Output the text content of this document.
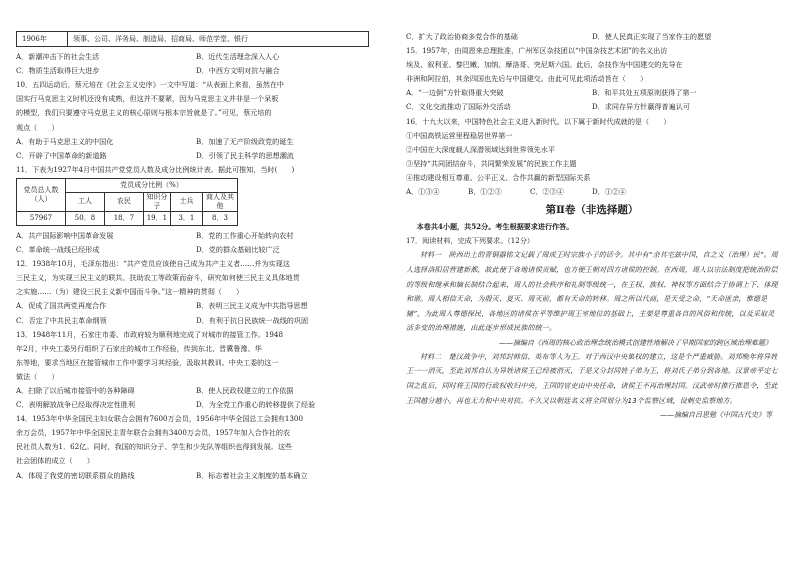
1906年	领事、公司、洋务局、制造局、招商局、师范学堂、银行
A．新潮冲击下的社会生活	B．近代生活理念深入人心
C．物质生活取得巨大进步	D．中西方文明对抗与融合
10．五四运动后，蔡元培在《社会主义史序》一文中写道：“从表面上来看，虽然在中
国实行马克思主义时机还没有成熟，但这并不要紧，因为马克思主义并非是一个呆板
的模型，我们只要遵守马克思主义的核心原则与根本宗旨就是了。”可见，蔡元培的
观点（　　）
A．有助于马克思主义的中国化	B．加速了无产阶级政党的诞生
C．开辟了中国革命的新道路	D．引领了民主科学的思想潮流
11．下表为1927年4月中国共产党党员人数及成分比例统计表。据此可推知，当时(　　)
党员总人数（人）	党员成分比例（%）				
	工人	农民	知识分子	士兵	商人及其他
57967	50．8	18．7	19．1	3．1	8．3
A．共产国际影响中国革命发展	B．党的工作重心开始转向农村
C．革命统一战线已经形成	D．党的群众基础比较广泛
12．1938年10月，毛泽东指出：“共产党员应该使自己成为共产主义者……并为实现这
三民主义，为实现三民主义的联共、扶助农工等政策而奋斗，研究如何使三民主义具体地贯
之实施……（为）建设三民主义新中国而斗争。”这一精神的贯彻（　　）
A．促成了国共两党再度合作	B．表明三民主义成为中共指导思想
C．否定了中共民主革命纲领	D．有利于抗日民族统一战线的巩固
13．1948年11月，石家庄市委、市政府较为顺利地完成了对城市的接管工作。1948
年2月，中央工委另行组织了石家庄的城市工作经验，传到东北、晋冀鲁豫、华
东等地，要求当地区在接管城市工作中要学习其经验，汲取其教训。中央工委的这一
做法（　　）
A．扫除了以后城市接管中的各种障碍	B．使人民政权建立的工作依据
C．表明解放战争已经取得决定性胜利	D．为全党工作重心的转移提供了经验
14．1953年中华全国民主妇女联合会拥有7600万会员，1956年中华全国总工会拥有1300
余万会员，1957年中华全国民主青年联合会拥有3400万会员，1957年加入合作社的农
民社员人数为1．62亿。同时，我国的知识分子、学生和少先队等组织也得到发展。这些
社会团体的成立（　　）
A．体现了我党的密切联系群众的路线	B．标志着社会主义制度的基本确立
C．扩大了政治协商多党合作的基础	D．使人民真正实现了当家作主的愿望
15．1957年，由周恩来总理批准，广州军区杂技团以“中国杂技艺术团”的名义出访
埃及、叙利亚、黎巴嫩、加纳、摩洛哥、突尼斯六国。此后，杂技作为中国建交的先导在
非洲和阿拉伯，其余四国也先后与中国建交。由此可见此项活动旨在（　　）
A．“一边倒”方针取得重大突破	B．和平共处五项原则获得了第一
C．文化交流推动了国际外交活动	D．求同存异方针赢得普遍认可
16．十九大以来，中国特色社会主义进入新时代。以下属于新时代成就的是（　　）
①中国高铁运营里程稳居世界第一
②中国在大深度载人深潜领域达到世界领先水平
③坚持“共同团结奋斗，共同繁荣发展”的民族工作主题
④推动建设相互尊重、公平正义、合作共赢的新型国际关系
A．①③④	B．①②③	C．②③④	D．①②④
第Ⅱ卷（非选择题）
本卷共4小题，共52分。考生根据要求进行作答。
17．阅读材料，完成下列要求。（12分）
材料一　陕西出土的青铜器铭文记载了周成王时宗族小子的话令。其中有“余其宅兹中国，自之义（治理）民”。周人选择洛阳居营建新都，故此便于各地诸侯贡赋，也方便王朝对四方诸侯的控制。在西周，周人以宗法制度把统治阶层的等级和继承和嫡长制结合起来，周人的社会秩序和礼制等级统一，在王权、族权、神权等方面结合于协调上下、体现和谐。周人相信天命，为殷灭、夏灭、周灭前，都有天命的转移。周之所以代商，是天受之命，“天命匪亲，惟德是辅”，为此周人尊德保民，各地区的诸侯在平等维护周王室地位的基础上，主要是尊重各自的风俗和传统，以及采取灵活多变的治理措施，由此逐步形成民族的统一。
——摘编自《西周的核心政治理念统治模式创建性地解决了早期国家的跨区域治理难题》
材料二　楚汉战争中，刘邦封韩信、英布等人为王。对于西汉中央集权的建立，这是个严重威胁。刘邦晚年将异姓王一一消灭，至此刘邦自认为异姓诸侯王已经被消灭，于是又分封同姓子弟为王，将刘氏子弟分到各地。汉景帝平定七国之乱后，同时将王国的行政权收归中央，王国的官吏由中央任命，诸侯王不再治理封国。汉武帝时推行推恩令，至此王国越分越小，再也无力和中央对抗。不久又以朝廷名义将全国划分为13个监察区域，设刺史监察地方。
——摘编自吕思勉《中国古代史》等
